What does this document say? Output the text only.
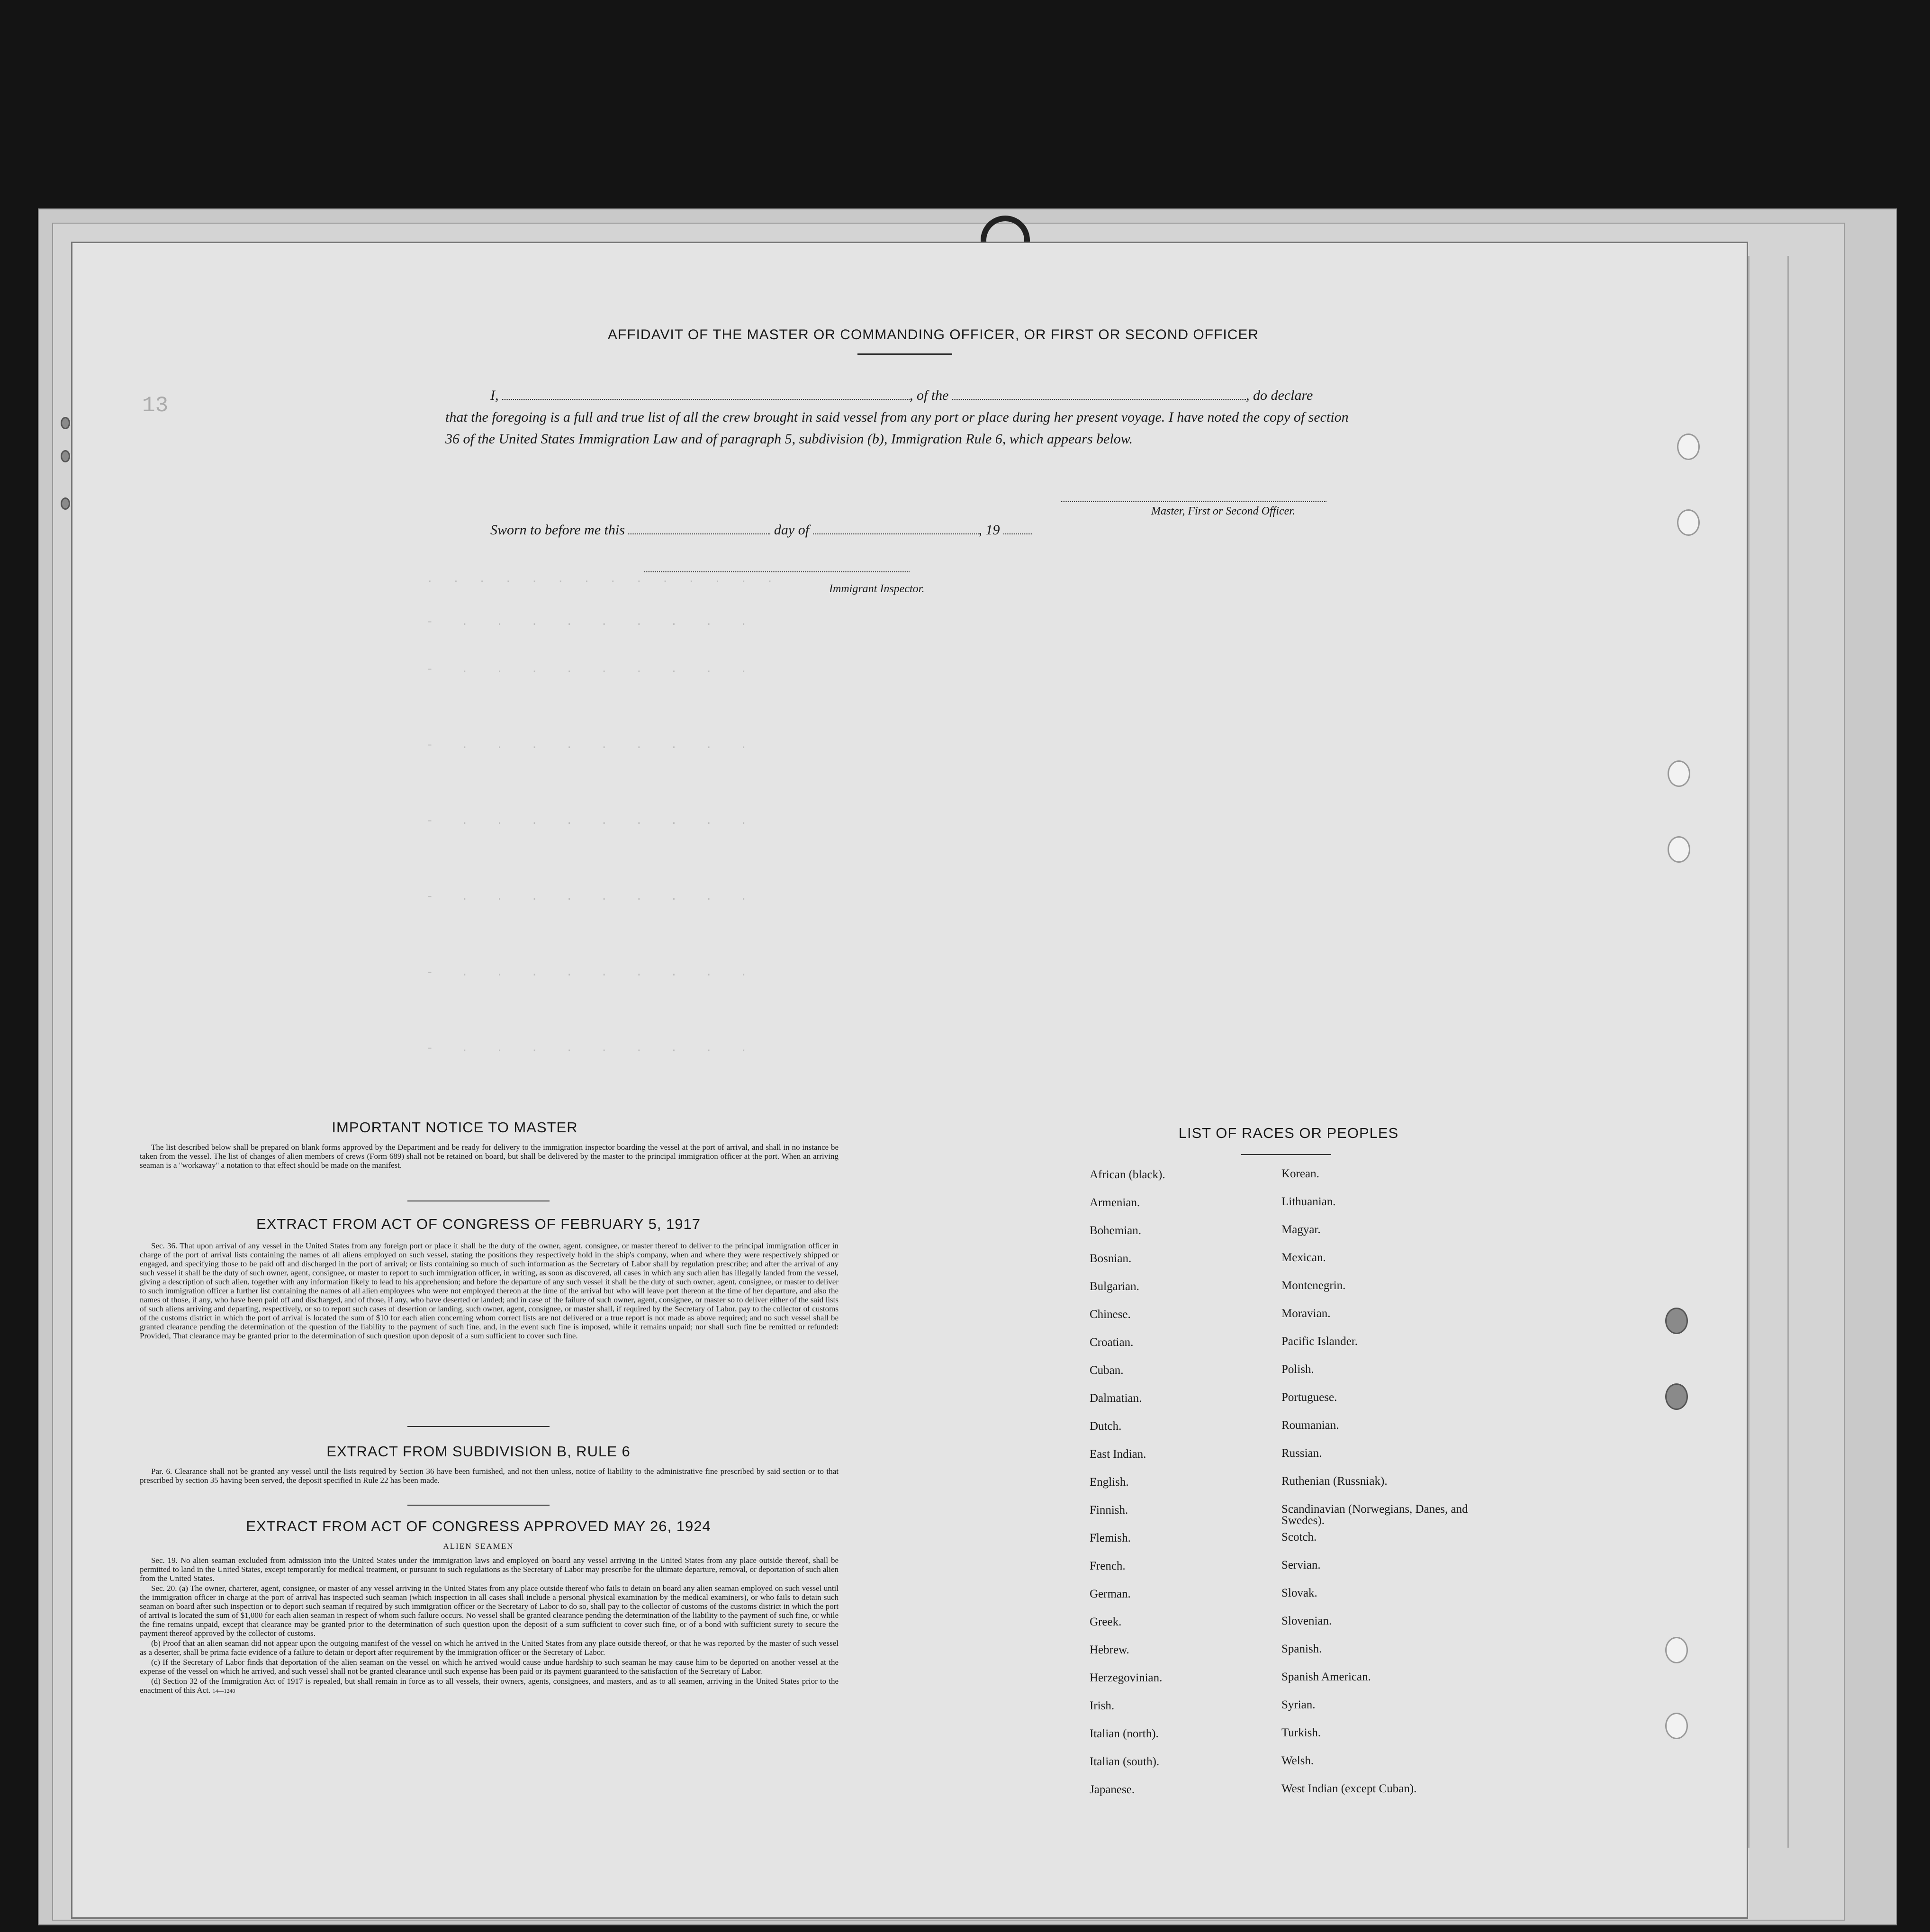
13
.  .  .  .  .  .  .  .  .  .  .  .  .  .
-   .   .   .   .   .   .   .   .   .
-   .   .   .   .   .   .   .   .   .
-   .   .   .   .   .   .   .   .   .
-   .   .   .   .   .   .   .   .   .
-   .   .   .   .   .   .   .   .   .
-   .   .   .   .   .   .   .   .   .
-   .   .   .   .   .   .   .   .   .
AFFIDAVIT OF THE MASTER OR COMMANDING OFFICER, OR FIRST OR SECOND OFFICER
I,	, of the	, do declare
that the foregoing is a full and true list of all the crew brought in said vessel from any port or place during her present voyage. I have noted the copy of section 36 of the United States Immigration Law and of paragraph 5, subdivision (b), Immigration Rule 6, which appears below.
Master, First or Second Officer.
Sworn to before me this	day of	, 19
Immigrant Inspector.
IMPORTANT NOTICE TO MASTER

The list described below shall be prepared on blank forms approved by the Department and be ready for delivery to the immigration inspector boarding the vessel at the port of arrival, and shall in no instance be taken from the vessel. The list of changes of alien members of crews (Form 689) shall not be retained on board, but shall be delivered by the master to the principal immigration officer at the port. When an arriving seaman is a "workaway" a notation to that effect should be made on the manifest.

EXTRACT FROM ACT OF CONGRESS OF FEBRUARY 5, 1917

Sec. 36. That upon arrival of any vessel in the United States from any foreign port or place it shall be the duty of the owner, agent, consignee, or master thereof to deliver to the principal immigration officer in charge of the port of arrival lists containing the names of all aliens employed on such vessel, stating the positions they respectively hold in the ship's company, when and where they were respectively shipped or engaged, and specifying those to be paid off and discharged in the port of arrival; or lists containing so much of such information as the Secretary of Labor shall by regulation prescribe; and after the arrival of any such vessel it shall be the duty of such owner, agent, consignee, or master to report to such immigration officer, in writing, as soon as discovered, all cases in which any such alien has illegally landed from the vessel, giving a description of such alien, together with any information likely to lead to his apprehension; and before the departure of any such vessel it shall be the duty of such owner, agent, consignee, or master to deliver to such immigration officer a further list containing the names of all alien employees who were not employed thereon at the time of the arrival but who will leave port thereon at the time of her departure, and also the names of those, if any, who have been paid off and discharged, and of those, if any, who have deserted or landed; and in case of the failure of such owner, agent, consignee, or master so to deliver either of the said lists of such aliens arriving and departing, respectively, or so to report such cases of desertion or landing, such owner, agent, consignee, or master shall, if required by the Secretary of Labor, pay to the collector of customs of the customs district in which the port of arrival is located the sum of $10 for each alien concerning whom correct lists are not delivered or a true report is not made as above required; and no such vessel shall be granted clearance pending the determination of the question of the liability to the payment of such fine, and, in the event such fine is imposed, while it remains unpaid; nor shall such fine be remitted or refunded: Provided, That clearance may be granted prior to the determination of such question upon deposit of a sum sufficient to cover such fine.

EXTRACT FROM SUBDIVISION B, RULE 6

Par. 6. Clearance shall not be granted any vessel until the lists required by Section 36 have been furnished, and not then unless, notice of liability to the administrative fine prescribed by said section or to that prescribed by section 35 having been served, the deposit specified in Rule 22 has been made.

EXTRACT FROM ACT OF CONGRESS APPROVED MAY 26, 1924
ALIEN SEAMEN

Sec. 19. No alien seaman excluded from admission into the United States under the immigration laws and employed on board any vessel arriving in the United States from any place outside thereof, shall be permitted to land in the United States, except temporarily for medical treatment, or pursuant to such regulations as the Secretary of Labor may prescribe for the ultimate departure, removal, or deportation of such alien from the United States.

Sec. 20. (a) The owner, charterer, agent, consignee, or master of any vessel arriving in the United States from any place outside thereof who fails to detain on board any alien seaman employed on such vessel until the immigration officer in charge at the port of arrival has inspected such seaman (which inspection in all cases shall include a personal physical examination by the medical examiners), or who fails to detain such seaman on board after such inspection or to deport such seaman if required by such immigration officer or the Secretary of Labor to do so, shall pay to the collector of customs of the customs district in which the port of arrival is located the sum of $1,000 for each alien seaman in respect of whom such failure occurs. No vessel shall be granted clearance pending the determination of the liability to the payment of such fine, or while the fine remains unpaid, except that clearance may be granted prior to the determination of such question upon the deposit of a sum sufficient to cover such fine, or of a bond with sufficient surety to secure the payment thereof approved by the collector of customs.

(b) Proof that an alien seaman did not appear upon the outgoing manifest of the vessel on which he arrived in the United States from any place outside thereof, or that he was reported by the master of such vessel as a deserter, shall be prima facie evidence of a failure to detain or deport after requirement by the immigration officer or the Secretary of Labor.

(c) If the Secretary of Labor finds that deportation of the alien seaman on the vessel on which he arrived would cause undue hardship to such seaman he may cause him to be deported on another vessel at the expense of the vessel on which he arrived, and such vessel shall not be granted clearance until such expense has been paid or its payment guaranteed to the satisfaction of the Secretary of Labor.

(d) Section 32 of the Immigration Act of 1917 is repealed, but shall remain in force as to all vessels, their owners, agents, consignees, and masters, and as to all seamen, arriving in the United States prior to the enactment of this Act. 14—1240

LIST OF RACES OR PEOPLES
African (black).	Korean.
Armenian.	Lithuanian.
Bohemian.	Magyar.
Bosnian.	Mexican.
Bulgarian.	Montenegrin.
Chinese.	Moravian.
Croatian.	Pacific Islander.
Cuban.	Polish.
Dalmatian.	Portuguese.
Dutch.	Roumanian.
East Indian.	Russian.
English.	Ruthenian (Russniak).
Finnish.	Scandinavian (Norwegians, Danes, and Swedes).
Flemish.	Scotch.
French.	Servian.
German.	Slovak.
Greek.	Slovenian.
Hebrew.	Spanish.
Herzegovinian.	Spanish American.
Irish.	Syrian.
Italian (north).	Turkish.
Italian (south).	Welsh.
Japanese.	West Indian (except Cuban).
